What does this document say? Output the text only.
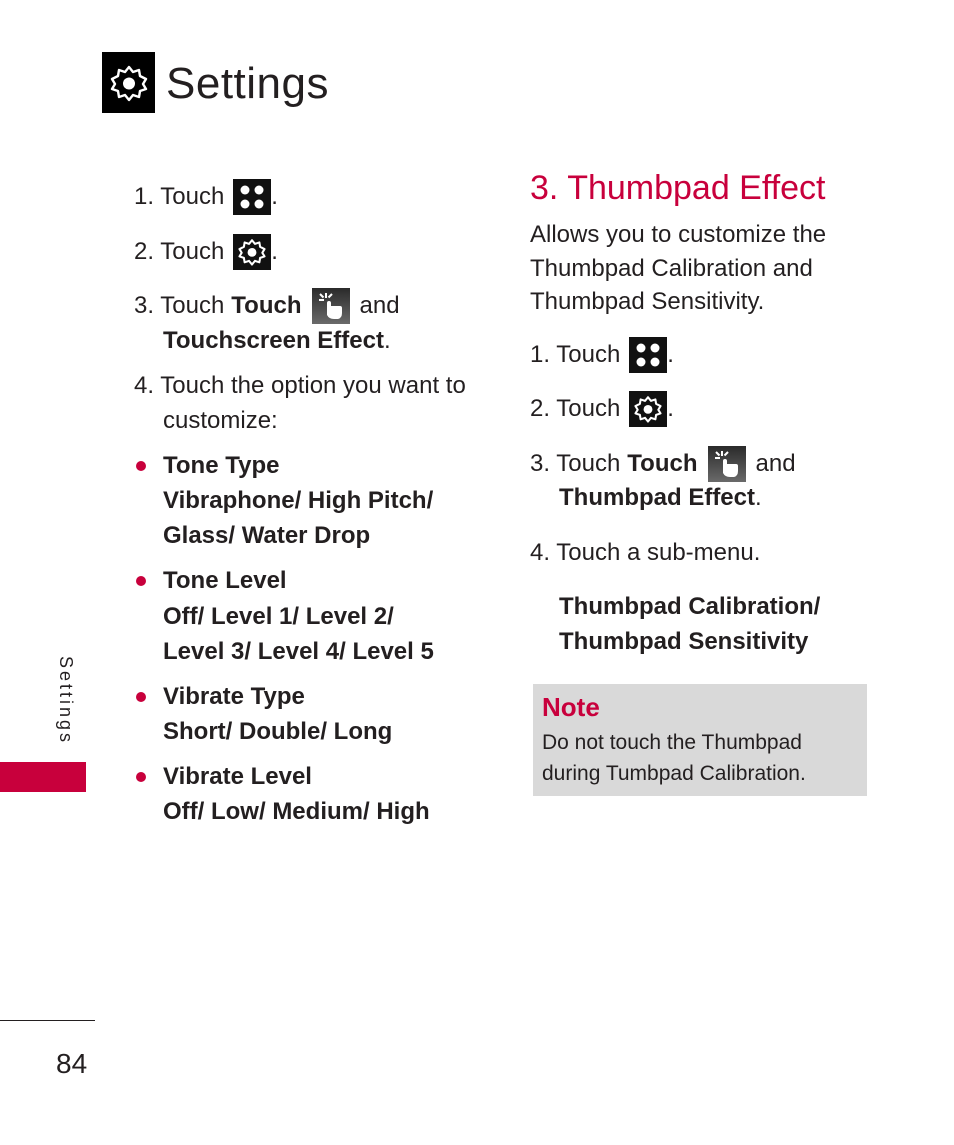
Settings
Settings
84
1. Touch .
2. Touch .
3. Touch Touch and
Touchscreen Effect.
4. Touch the option you want to
customize:
Tone Type
Vibraphone/ High Pitch/
Glass/ Water Drop
Tone Level
Off/ Level 1/ Level 2/
Level 3/ Level 4/ Level 5
Vibrate Type
Short/ Double/ Long
Vibrate Level
Off/ Low/ Medium/ High
3. Thumbpad Effect
Allows you to customize the
Thumbpad Calibration and
Thumbpad Sensitivity.
1. Touch .
2. Touch .
3. Touch Touch and
Thumbpad Effect.
4. Touch a sub-menu.
Thumbpad Calibration/
Thumbpad Sensitivity
Note
Do not touch the Thumbpad
during Tumbpad Calibration.
